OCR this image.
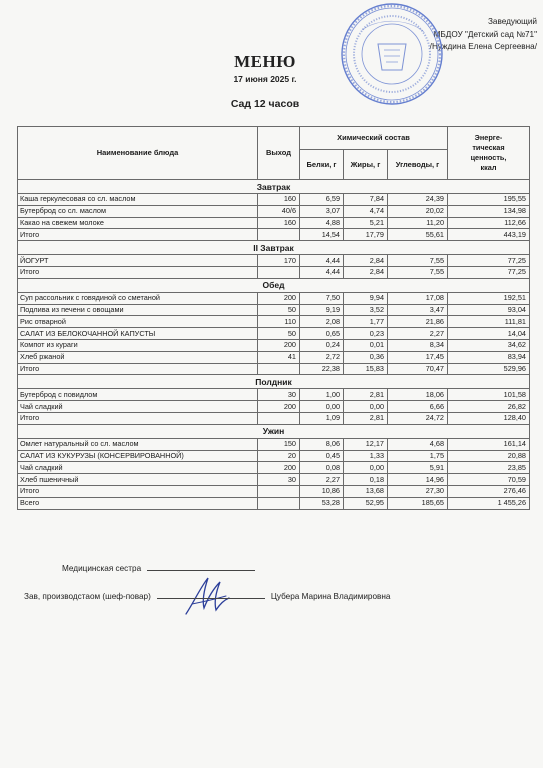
Заведующий
МБДОУ "Детский сад №71"
/Нуждина Елена Сергеевна/
МЕНЮ
17 июня 2025 г.
Сад 12 часов
Наименование блюда	Выход	Химический состав			Энерге-
тическая
ценность,
ккал

		Белки, г	Жиры, г	Углеводы, г	
Завтрак					
Каша геркулесовая со сл. маслом	160	6,59	7,84	24,39	195,55
Бутерброд со сл. маслом	40/6	3,07	4,74	20,02	134,98
Какао на свежем молоке	160	4,88	5,21	11,20	112,66
Итого		14,54	17,79	55,61	443,19
II Завтрак					
ЙОГУРТ	170	4,44	2,84	7,55	77,25
Итого		4,44	2,84	7,55	77,25
Обед					
Суп рассольник с говядиной со сметаной	200	7,50	9,94	17,08	192,51
Подлива из печени с овощами	50	9,19	3,52	3,47	93,04
Рис отварной	110	2,08	1,77	21,86	111,81
САЛАТ ИЗ БЕЛОКОЧАННОЙ КАПУСТЫ	50	0,65	0,23	2,27	14,04
Компот из кураги	200	0,24	0,01	8,34	34,62
Хлеб ржаной	41	2,72	0,36	17,45	83,94
Итого		22,38	15,83	70,47	529,96
Полдник					
Бутерброд с повидлом	30	1,00	2,81	18,06	101,58
Чай сладкий	200	0,00	0,00	6,66	26,82
Итого		1,09	2,81	24,72	128,40
Ужин					
Омлет натуральный со сл. маслом	150	8,06	12,17	4,68	161,14
САЛАТ ИЗ КУКУРУЗЫ (КОНСЕРВИРОВАННОЙ)	20	0,45	1,33	1,75	20,88
Чай сладкий	200	0,08	0,00	5,91	23,85
Хлеб пшеничный	30	2,27	0,18	14,96	70,59
Итого		10,86	13,68	27,30	276,46
Всего		53,28	52,95	185,65	1 455,26
Медицинская сестра
Зав, производстаом (шеф-повар)	Цубера Марина Владимировна
